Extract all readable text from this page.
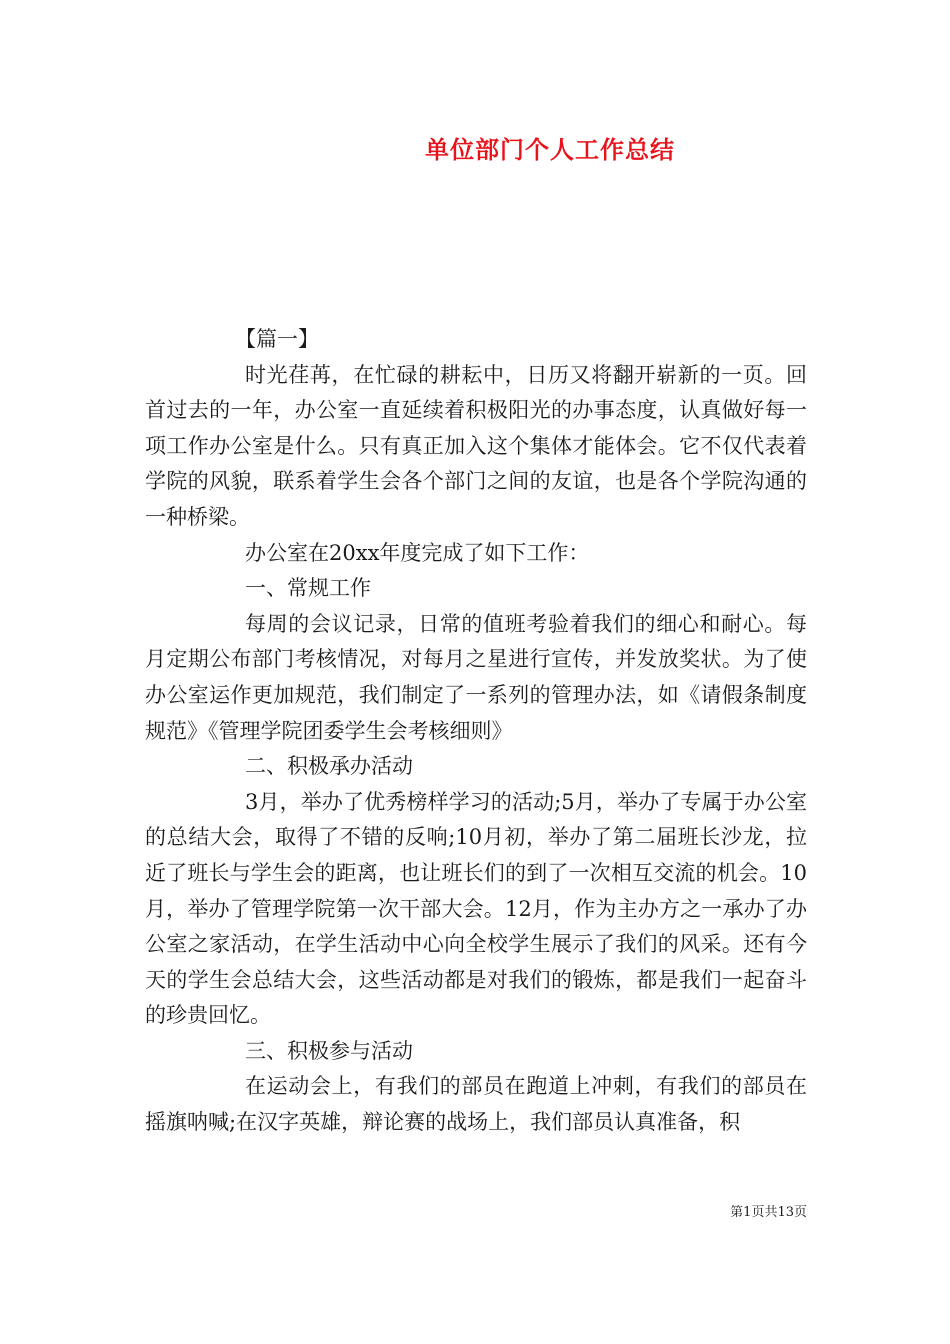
单位部门个人工作总结

【篇一】

时光荏苒，在忙碌的耕耘中，日历又将翻开崭新的一页。回首过去的一年，办公室一直延续着积极阳光的办事态度，认真做好每一项工作办公室是什么。只有真正加入这个集体才能体会。它不仅代表着学院的风貌，联系着学生会各个部门之间的友谊，也是各个学院沟通的一种桥梁。

办公室在20xx年度完成了如下工作：

一、常规工作

每周的会议记录，日常的值班考验着我们的细心和耐心。每月定期公布部门考核情况，对每月之星进行宣传，并发放奖状。为了使办公室运作更加规范，我们制定了一系列的管理办法，如《请假条制度规范》《管理学院团委学生会考核细则》

二、积极承办活动

3月，举办了优秀榜样学习的活动;5月，举办了专属于办公室的总结大会，取得了不错的反响;10月初，举办了第二届班长沙龙，拉近了班长与学生会的距离，也让班长们的到了一次相互交流的机会。10月，举办了管理学院第一次干部大会。12月，作为主办方之一承办了办公室之家活动，在学生活动中心向全校学生展示了我们的风采。还有今天的学生会总结大会，这些活动都是对我们的锻炼，都是我们一起奋斗的珍贵回忆。

三、积极参与活动

在运动会上，有我们的部员在跑道上冲刺，有我们的部员在摇旗呐喊;在汉字英雄，辩论赛的战场上，我们部员认真准备，积

第1页共13页
